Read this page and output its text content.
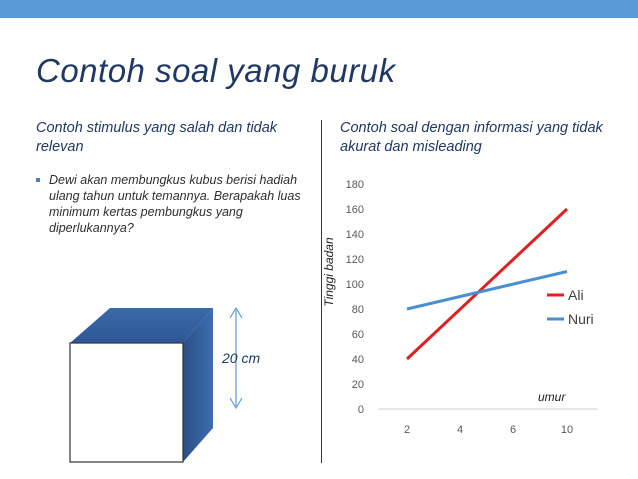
Contoh soal yang buruk
Contoh stimulus yang salah dan tidak relevan
Contoh soal dengan informasi yang tidak akurat dan misleading
Dewi akan membungkus kubus berisi hadiah ulang tahun untuk temannya. Berapakah luas minimum kertas pembungkus yang diperlukannya?
20 cm
Tinggi badan
0
20
40
60
80
100
120
140
160
180
2	4	6	10
Ali
Nuri
umur
